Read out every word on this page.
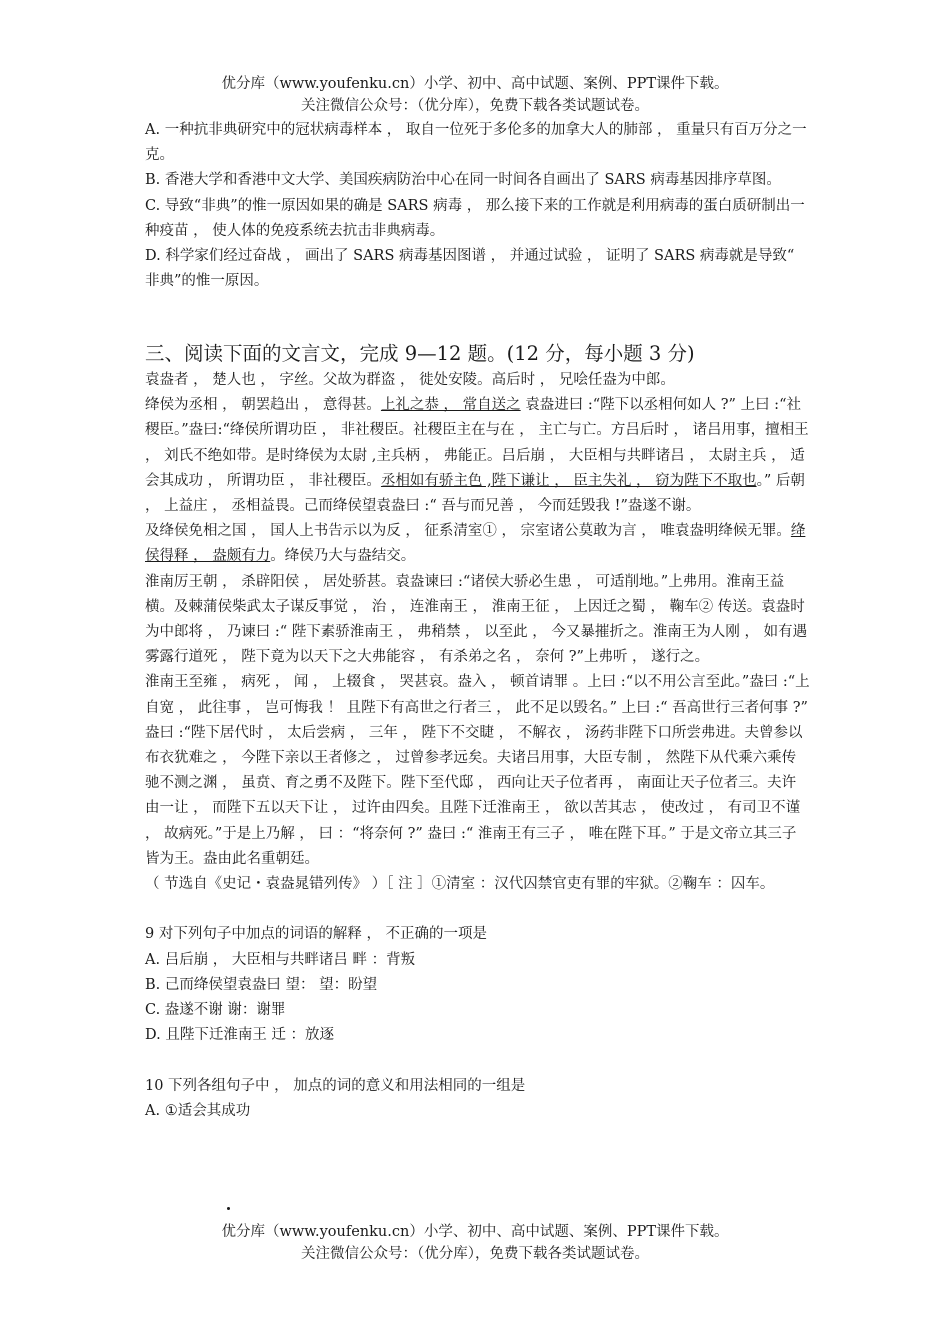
优分库（www.youfenku.cn）小学、初中、高中试题、案例、PPT课件下载。
关注微信公众号：（优分库），免费下载各类试题试卷。

A. 一种抗非典研究中的冠状病毒样本 ， 取自一位死于多伦多的加拿大人的肺部 ， 重量只有百万分之一克。

B. 香港大学和香港中文大学、美国疾病防治中心在同一时间各自画出了 SARS 病毒基因排序草图。

C. 导致“非典”的惟一原因如果的确是 SARS 病毒 ， 那么接下来的工作就是利用病毒的蛋白质研制出一种疫苗 ， 使人体的免疫系统去抗击非典病毒。

D. 科学家们经过奋战 ， 画出了 SARS 病毒基因图谱 ， 并通过试验 ， 证明了 SARS 病毒就是导致“ 非典”的惟一原因。

三、阅读下面的文言文，完成 9—12 题。(12 分，每小题 3 分)

袁盎者 ， 楚人也 ， 字丝。父故为群盗 ， 徙处安陵。高后时 ， 兄哙任盎为中郎。

绛侯为丞相 ， 朝罢趋出 ， 意得甚。上礼之恭 ， 常自送之 袁盎进曰 :“陛下以丞相何如人 ?” 上曰 :“社稷臣。”盎曰:“绛侯所谓功臣 ， 非社稷臣。社稷臣主在与在 ， 主亡与亡。方吕后时 ， 诸吕用事，擅相王 ， 刘氏不绝如带。是时绛侯为太尉 ,主兵柄 ， 弗能正。吕后崩 ， 大臣相与共畔诸吕 ， 太尉主兵 ， 适会其成功 ， 所谓功臣 ， 非社稷臣。丞相如有骄主色 ,陛下谦让 ， 臣主失礼 ， 窃为陛下不取也。” 后朝 ， 上益庄 ， 丞相益畏。己而绛侯望袁盎曰 :“ 吾与而兄善 ， 今而廷毁我 !”盎遂不谢。

及绛侯免相之国 ， 国人上书告示以为反 ， 征系清室① ， 宗室诸公莫敢为言 ， 唯袁盎明绛候无罪。绛侯得释 ， 盎颇有力。绛侯乃大与盎结交。

淮南厉王朝 ， 杀辟阳侯 ， 居处骄甚。袁盎谏曰 :“诸侯大骄必生患 ， 可适削地。”上弗用。淮南王益横。及棘蒲侯柴武太子谋反事觉 ， 治 ， 连淮南王 ， 淮南王征 ， 上因迁之蜀 ， 鞠车② 传送。袁盎时为中郎将 ， 乃谏曰 :“ 陛下素骄淮南王 ， 弗稍禁 ， 以至此 ， 今又暴摧折之。淮南王为人刚 ， 如有遇雾露行道死 ， 陛下竟为以天下之大弗能容 ， 有杀弟之名 ， 奈何 ?”上弗听 ， 遂行之。

淮南王至雍 ， 病死 ， 闻 ， 上辍食 ， 哭甚哀。盎入 ， 顿首请罪 。上曰 :“以不用公言至此。”盎曰 :“上自宽 ， 此往事 ， 岂可悔我 ！ 且陛下有高世之行者三 ， 此不足以毁名。” 上曰 :“ 吾高世行三者何事 ?” 盎曰 :“陛下居代时 ， 太后尝病 ， 三年 ， 陛下不交睫 ， 不解衣 ， 汤药非陛下口所尝弗进。夫曾参以布衣犹难之 ， 今陛下亲以王者修之 ， 过曾参孝远矣。夫诸吕用事，大臣专制 ， 然陛下从代乘六乘传驰不测之渊 ， 虽贲、育之勇不及陛下。陛下至代邸 ， 西向让天子位者再 ， 南面让天子位者三。夫许由一让 ， 而陛下五以天下让 ， 过许由四矣。且陛下迁淮南王 ， 欲以苦其志 ， 使改过 ， 有司卫不谨 ， 故病死。”于是上乃解 ， 曰 ：“将奈何 ?” 盎曰 :“ 淮南王有三子 ， 唯在陛下耳。” 于是文帝立其三子皆为王。盎由此名重朝廷。

（ 节选自《史记・袁盎晁错列传》 ）［ 注 ］①清室 ：汉代囚禁官吏有罪的牢狱。②鞠车 ：囚车。

9 对下列句子中加点的词语的解释 ， 不正确的一项是

A. 吕后崩 ， 大臣相与共畔诸吕 畔 ：背叛

B. 己而绛侯望袁盎曰 望： 望：盼望

C. 盎遂不谢 谢：谢罪

D. 且陛下迁淮南王 迁 ：放逐

10 下列各组句子中 ， 加点的词的意义和用法相同的一组是

A. ①适会其成功

优分库（www.youfenku.cn）小学、初中、高中试题、案例、PPT课件下载。
关注微信公众号：（优分库），免费下载各类试题试卷。
